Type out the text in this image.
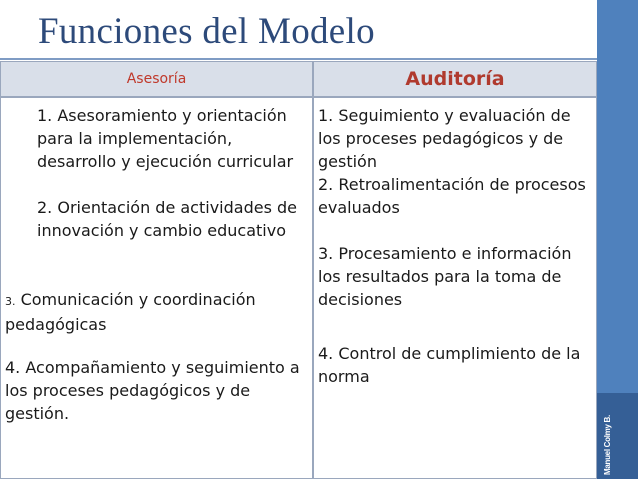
Manuel Colmy B.
Funciones del Modelo
Asesoría	Auditoría

1. Asesoramiento y orientación para la implementación, desarrollo y ejecución curricular

2. Orientación de actividades de innovación y cambio educativo

3. Comunicación y coordinación pedagógicas

4. Acompañamiento y seguimiento a los proceses pedagógicos y de gestión.

1. Seguimiento y evaluación de los proceses pedagógicos y de gestión

2. Retroalimentación de procesos evaluados

3. Procesamiento e información los resultados para la toma de decisiones

4. Control de cumplimiento de la norma
